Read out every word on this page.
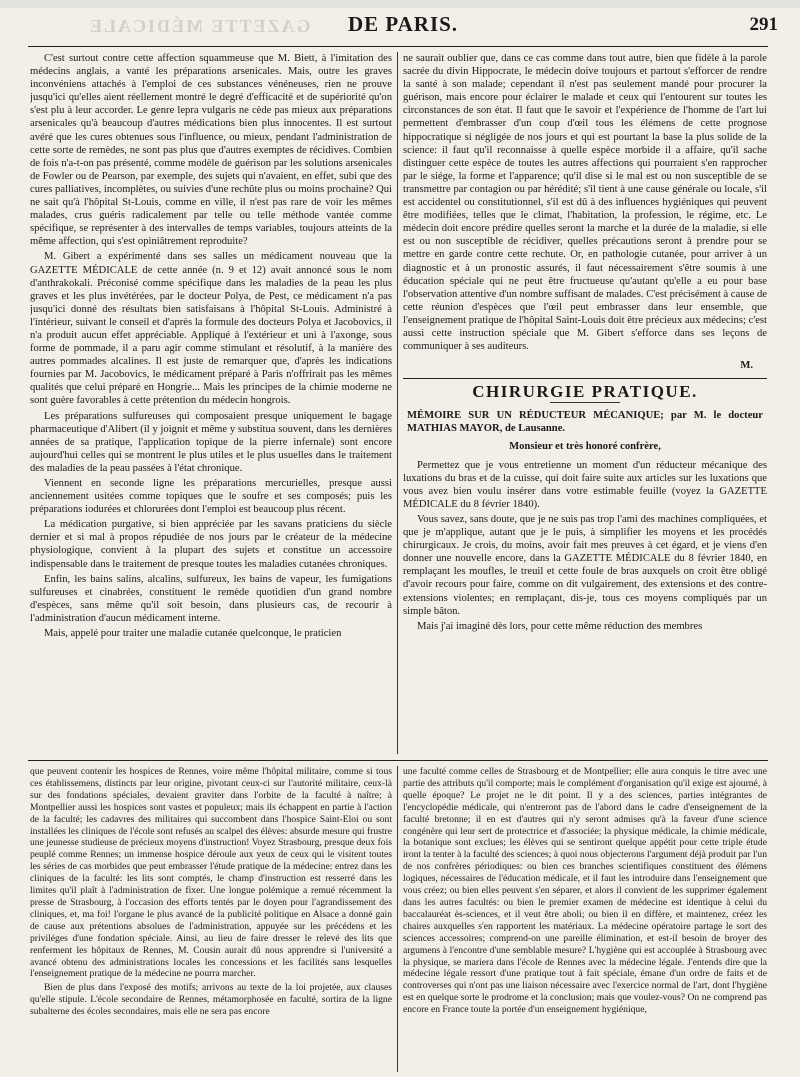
GAZETTE MÉDICALE	DE PARIS.	291

C'est surtout contre cette affection squammeuse que M. Biett, à l'imitation des médecins anglais, a vanté les préparations arsenicales. Mais, outre les graves inconvéniens attachés à l'emploi de ces substances vénéneuses, rien ne prouve jusqu'ici qu'elles aient réellement montré le degré d'efficacité et de supériorité qu'on s'est plu à leur accorder. Le genre lepra vulgaris ne cède pas mieux aux préparations arsenicales qu'à beaucoup d'autres médications bien plus innocentes. Il est surtout avéré que les cures obtenues sous l'influence, ou mieux, pendant l'administration de cette sorte de remèdes, ne sont pas plus que d'autres exemptes de récidives. Combien de fois n'a-t-on pas présenté, comme modèle de guérison par les solutions arsenicales de Fowler ou de Pearson, par exemple, des sujets qui n'avaient, en effet, subi que des cures palliatives, incomplètes, ou suivies d'une rechûte plus ou moins prochaine? Qui ne sait qu'à l'hôpital St-Louis, comme en ville, il n'est pas rare de voir les mêmes malades, crus guéris radicalement par telle ou telle méthode vantée comme spécifique, se représenter à des intervalles de temps variables, toujours atteints de la même affection, qui s'est opiniâtrement reproduite?

M. Gibert a expérimenté dans ses salles un médicament nouveau que la GAZETTE MÉDICALE de cette année (n. 9 et 12) avait annoncé sous le nom d'anthrakokali. Préconisé comme spécifique dans les maladies de la peau les plus graves et les plus invétérées, par le docteur Polya, de Pest, ce médicament n'a pas jusqu'ici donné des résultats bien satisfaisans à l'hôpital St-Louis. Administré à l'intérieur, suivant le conseil et d'après la formule des docteurs Polya et Jacobovics, il n'a produit aucun effet appréciable. Appliqué à l'extérieur et uni à l'axonge, sous forme de pommade, il a paru agir comme stimulant et résolutif, à la manière des autres pommades alcalines. Il est juste de remarquer que, d'après les indications fournies par M. Jacobovics, le médicament préparé à Paris n'offrirait pas les mêmes qualités que celui préparé en Hongrie... Mais les principes de la chimie moderne ne sont guère favorables à cette prétention du médecin hongrois.

Les préparations sulfureuses qui composaient presque uniquement le bagage pharmaceutique d'Alibert (il y joignit et même y substitua souvent, dans les dernières années de sa pratique, l'application topique de la pierre infernale) sont encore aujourd'hui celles qui se montrent le plus utiles et le plus usuelles dans le traitement des maladies de la peau passées à l'état chronique.

Viennent en seconde ligne les préparations mercurielles, presque aussi anciennement usitées comme topiques que le soufre et ses composés; puis les préparations iodurées et chlorurées dont l'emploi est beaucoup plus récent.

La médication purgative, si bien appréciée par les savans praticiens du siècle dernier et si mal à propos répudiée de nos jours par le créateur de la médecine physiologique, convient à la plupart des sujets et constitue un accessoire indispensable dans le traitement de presque toutes les maladies cutanées chroniques.

Enfin, les bains salins, alcalins, sulfureux, les bains de vapeur, les fumigations sulfureuses et cinabrées, constituent le remède quotidien d'un grand nombre d'espèces, sans même qu'il soit besoin, dans plusieurs cas, de recourir à l'administration d'aucun médicament interne.

Mais, appelé pour traiter une maladie cutanée quelconque, le praticien

ne saurait oublier que, dans ce cas comme dans tout autre, bien que fidèle à la parole sacrée du divin Hippocrate, le médecin doive toujours et partout s'efforcer de rendre la santé à son malade; cependant il n'est pas seulement mandé pour procurer la guérison, mais encore pour éclairer le malade et ceux qui l'entourent sur toutes les circonstances de son état. Il faut que le savoir et l'expérience de l'homme de l'art lui permettent d'embrasser d'un coup d'œil tous les élémens de cette prognose hippocratique si négligée de nos jours et qui est pourtant la base la plus solide de la science: il faut qu'il reconnaisse à quelle espèce morbide il a affaire, qu'il sache distinguer cette espèce de toutes les autres affections qui pourraient s'en rapprocher par le siége, la forme et l'apparence; qu'il dise si le mal est ou non susceptible de se transmettre par contagion ou par hérédité; s'il tient à une cause générale ou locale, s'il est accidentel ou constitutionnel, s'il est dû à des influences hygiéniques qui peuvent être modifiées, telles que le climat, l'habitation, la profession, le régime, etc. Le médecin doit encore prédire quelles seront la marche et la durée de la maladie, si elle est ou non susceptible de récidiver, quelles précautions seront à prendre pour se mettre en garde contre cette rechute. Or, en pathologie cutanée, pour arriver à un diagnostic et à un pronostic assurés, il faut nécessairement s'être soumis à une éducation spéciale qui ne peut être fructueuse qu'autant qu'elle a eu pour base l'observation attentive d'un nombre suffisant de malades. C'est précisément à cause de cette réunion d'espèces que l'œil peut embrasser dans leur ensemble, que l'enseignement pratique de l'hôpital Saint-Louis doit être précieux aux médecins; c'est aussi cette instruction spéciale que M. Gibert s'efforce dans ses leçons de communiquer à ses auditeurs.

M.
CHIRURGIE PRATIQUE.
MÉMOIRE SUR UN RÉDUCTEUR MÉCANIQUE; par M. le docteur MATHIAS MAYOR, de Lausanne.
Monsieur et très honoré confrère,

Permettez que je vous entretienne un moment d'un réducteur mécanique des luxations du bras et de la cuisse, qui doit faire suite aux articles sur les luxations que vous avez bien voulu insérer dans votre estimable feuille (voyez la GAZETTE MÉDICALE du 8 février 1840).

Vous savez, sans doute, que je ne suis pas trop l'ami des machines compliquées, et que je m'applique, autant que je le puis, à simplifier les moyens et les procédés chirurgicaux. Je crois, du moins, avoir fait mes preuves à cet égard, et je viens d'en donner une nouvelle encore, dans la GAZETTE MÉDICALE du 8 février 1840, en remplaçant les moufles, le treuil et cette foule de bras auxquels on croit être obligé d'avoir recours pour faire, comme on dit vulgairement, des extensions et des contre-extensions violentes; en remplaçant, dis-je, tous ces moyens compliqués par un simple bâton.

Mais j'ai imaginé dès lors, pour cette même réduction des membres

que peuvent contenir les hospices de Rennes, voire même l'hôpital militaire, comme si tous ces établissemens, distincts par leur origine, pivotant ceux-ci sur l'autorité militaire, ceux-là sur des fondations spéciales, devaient graviter dans l'orbite de la faculté à naître; à Montpellier aussi les hospices sont vastes et populeux; mais ils échappent en partie à l'action de la faculté; les cadavres des militaires qui succombent dans l'hospice Saint-Eloi ou sont installées les cliniques de l'école sont refusés au scalpel des élèves: absurde mesure qui frustre une jeunesse studieuse de précieux moyens d'instruction! Voyez Strasbourg, presque deux fois peuplé comme Rennes; un immense hospice déroule aux yeux de ceux qui le visitent toutes les séries de cas morbides que peut embrasser l'étude pratique de la médecine: entrez dans les cliniques de la faculté: les lits sont comptés, le champ d'instruction est resserré dans les limites qu'il plaît à l'administration de fixer. Une longue polémique a remué récemment la presse de Strasbourg, à l'occasion des efforts tentés par le doyen pour l'agrandissement des cliniques, et, ma foi! l'organe le plus avancé de la publicité politique en Alsace a donné gain de cause aux prétentions absolues de l'administration, appuyée sur les précédens et les priviléges d'une fondation spéciale. Ainsi, au lieu de faire dresser le relevé des lits que renferment les hôpitaux de Rennes, M. Cousin aurait dû nous apprendre si l'université a avancé obtenu des administrations locales les concessions et les facilités sans lesquelles l'enseignement pratique de la médecine ne pourra marcher.

Bien de plus dans l'exposé des motifs; arrivons au texte de la loi projetée, aux clauses qu'elle stipule. L'école secondaire de Rennes, métamorphosée en faculté, sortira de la ligne subalterne des écoles secondaires, mais elle ne sera pas encore

une faculté comme celles de Strasbourg et de Montpellier; elle aura conquis le titre avec une partie des attributs qu'il comporte; mais le complément d'organisation qu'il exige est ajourné, à quelle époque? Le projet ne le dit point. Il y a des sciences, parties intégrantes de l'encyclopédie médicale, qui n'entreront pas de l'abord dans le cadre d'enseignement de la faculté bretonne; il en est d'autres qui n'y seront admises qu'à la faveur d'une science congénère qui leur sert de protectrice et d'associée; la physique médicale, la chimie médicale, la botanique sont exclues; les élèves qui se sentiront quelque appétit pour cette triple étude iront la tenter à la faculté des sciences; à quoi nous objecterons l'argument déjà produit par l'un de nos confrères périodiques: ou bien ces branches scientifiques constituent des élémens logiques, nécessaires de l'éducation médicale, et il faut les introduire dans l'enseignement que vous créez; ou bien elles peuvent s'en séparer, et alors il convient de les supprimer également dans les autres facultés: ou bien le premier examen de médecine est identique à celui du baccalauréat ès-sciences, et il veut être aboli; ou bien il en diffère, et maintenez, créez les chaires auxquelles s'en rapportent les matériaux. La médecine opératoire partage le sort des sciences accessoires; comprend-on une pareille élimination, et est-il besoin de broyer des argumens à l'encontre d'une semblable mesure? L'hygiène qui est accouplée à Strasbourg avec la physique, se mariera dans l'école de Rennes avec la médecine légale. J'entends dire que la médecine légale ressort d'une pratique tout à fait spéciale, émane d'un ordre de faits et de controverses qui n'ont pas une liaison nécessaire avec l'exercice normal de l'art, dont l'hygiène est en quelque sorte le prodrome et la conclusion; mais que voulez-vous? On ne comprend pas encore en France toute la portée d'un enseignement hygiénique,
